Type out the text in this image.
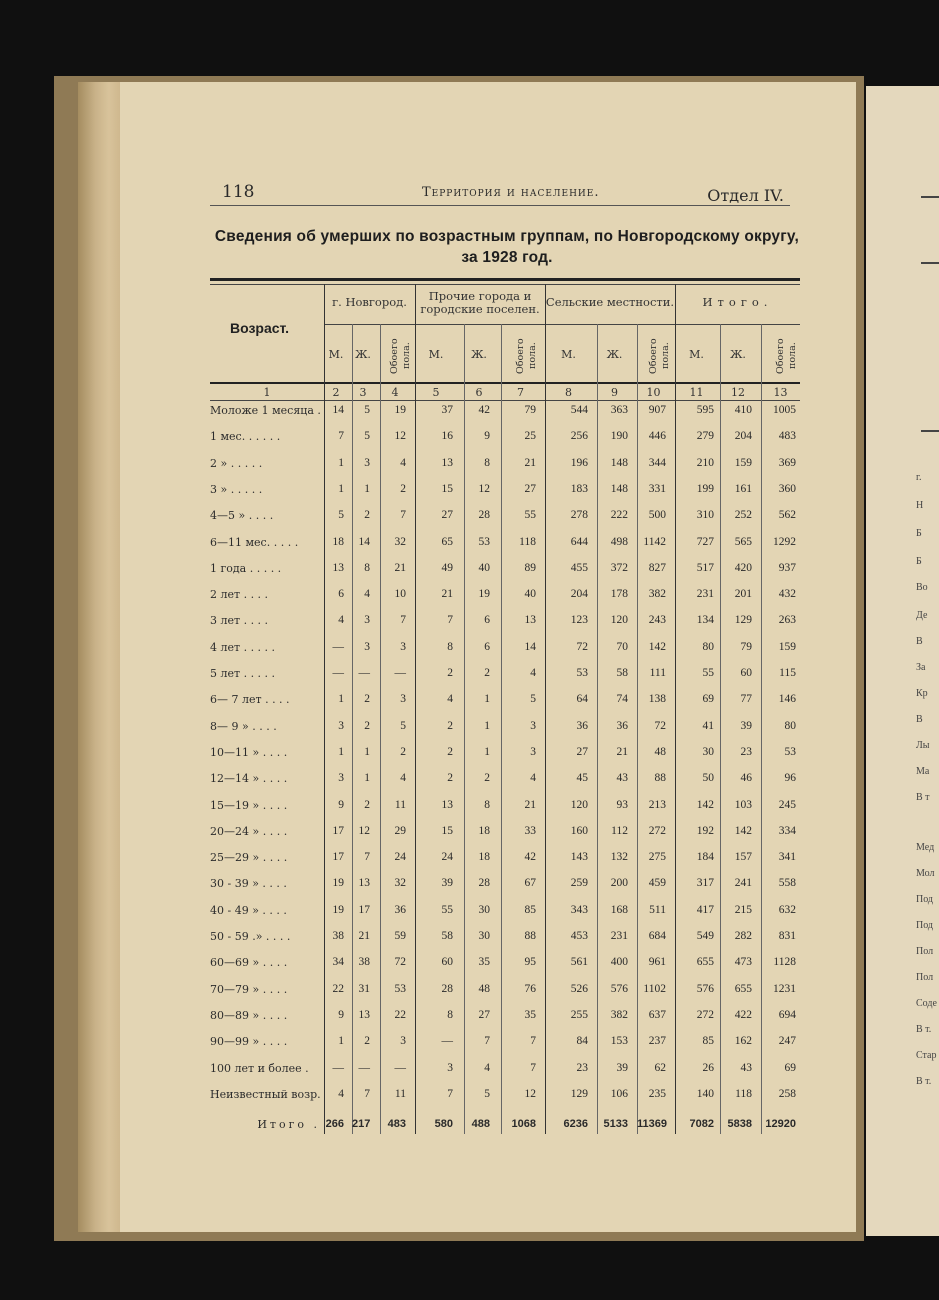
г.
Н
Б
Б
Во
Де
В
За
Кр
В
Лы
Ма
В т
Мед
Мол
Под
Под
Пол
Пол
Соде
В т.
Стар
В т.
118	Территория и население.	Отдел IV.
Сведения об умерших по возрастным группам, по Новгородскому округу,
за 1928 год.
Возраст.
г. Новгород.	Прочие города и городские поселен. Сельские местности.	Итого.
М.	Ж.	Обоего пола.	М.	Ж.	Обоего пола.	М.	Ж.	Обоего пола.	М.	Ж.	Обоего пола.
1	2	3	4	5	6	7	8	9	10	11	12	13
Моложе 1 месяца .	14	5	19	37	42	79	544	363	907	595	410	1005
1 мес. . . . . .	7	5	12	16	9	25	256	190	446	279	204	483
2 » . . . . .	1	3	4	13	8	21	196	148	344	210	159	369
3 » . . . . .	1	1	2	15	12	27	183	148	331	199	161	360
4—5 » . . . .	5	2	7	27	28	55	278	222	500	310	252	562
6—11 мес. . . . .	18	14	32	65	53	118	644	498	1142	727	565	1292
1 года . . . . .	13	8	21	49	40	89	455	372	827	517	420	937
2 лет . . . .	6	4	10	21	19	40	204	178	382	231	201	432
3 лет . . . .	4	3	7	7	6	13	123	120	243	134	129	263
4 лет . . . . .	—	3	3	8	6	14	72	70	142	80	79	159
5 лет . . . . .	—	—	—	2	2	4	53	58	111	55	60	115
6— 7 лет . . . .	1	2	3	4	1	5	64	74	138	69	77	146
8— 9 » . . . .	3	2	5	2	1	3	36	36	72	41	39	80
10—11 » . . . .	1	1	2	2	1	3	27	21	48	30	23	53
12—14 » . . . .	3	1	4	2	2	4	45	43	88	50	46	96
15—19 » . . . .	9	2	11	13	8	21	120	93	213	142	103	245
20—24 » . . . .	17	12	29	15	18	33	160	112	272	192	142	334
25—29 » . . . .	17	7	24	24	18	42	143	132	275	184	157	341
30 - 39 » . . . .	19	13	32	39	28	67	259	200	459	317	241	558
40 - 49 » . . . .	19	17	36	55	30	85	343	168	511	417	215	632
50 - 59 .» . . . .	38	21	59	58	30	88	453	231	684	549	282	831
60—69 » . . . .	34	38	72	60	35	95	561	400	961	655	473	1128
70—79 » . . . .	22	31	53	28	48	76	526	576	1102	576	655	1231
80—89 » . . . .	9	13	22	8	27	35	255	382	637	272	422	694
90—99 » . . . .	1	2	3	—	7	7	84	153	237	85	162	247
100 лет и более .	—	—	—	3	4	7	23	39	62	26	43	69
Неизвестный возр.	4	7	11	7	5	12	129	106	235	140	118	258
Итого . 266 217	483	580	488	1068	6236	5133 11369	7082	5838	12920
